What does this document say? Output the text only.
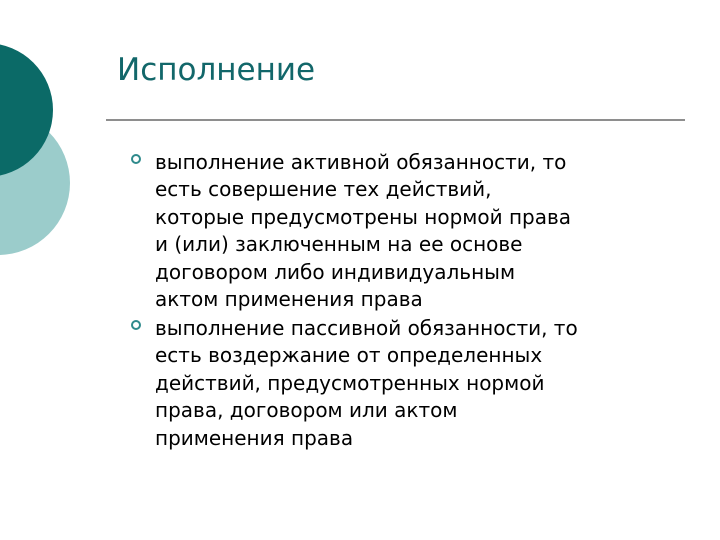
Исполнение
выполнение активной обязанности, то
есть совершение тех действий,
которые предусмотрены нормой права
и (или) заключенным на ее основе
договором либо индивидуальным
актом применения права
выполнение пассивной обязанности, то
есть воздержание от определенных
действий, предусмотренных нормой
права, договором или актом
применения права
